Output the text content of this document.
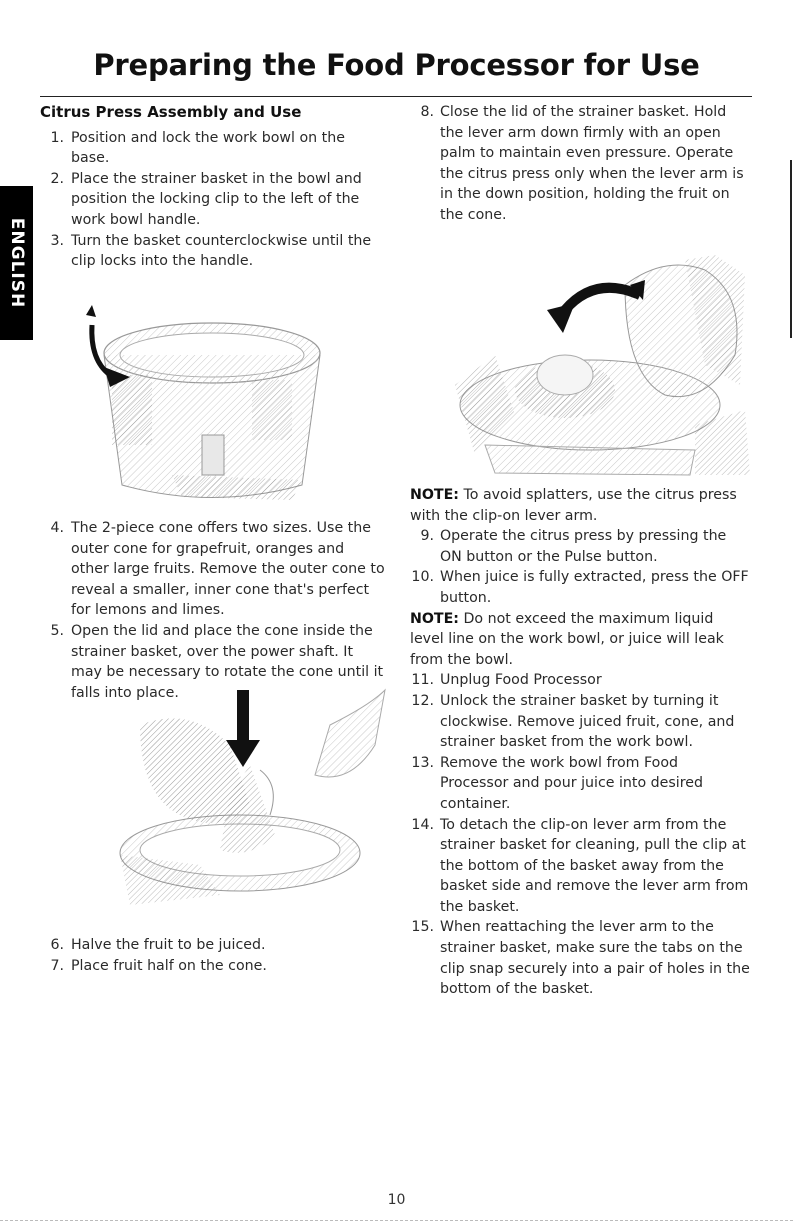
Preparing the Food Processor for Use
ENGLISH

Citrus Press Assembly and Use

1. Position and lock the work bowl on the base.
2. Place the strainer basket in the bowl and position the locking clip to the left of the work bowl handle.
3. Turn the basket counterclockwise until the clip locks into the handle.
4. The 2-piece cone offers two sizes. Use the outer cone for grapefruit, oranges and other large fruits. Remove the outer cone to reveal a smaller, inner cone that's perfect for lemons and limes.
5. Open the lid and place the cone inside the strainer basket, over the power shaft. It may be necessary to rotate the cone until it falls into place.
6. Halve the fruit to be juiced.
7. Place fruit half on the cone.
8. Close the lid of the strainer basket. Hold the lever arm down firmly with an open palm to maintain even pressure. Operate the citrus press only when the lever arm is in the down position, holding the fruit on the cone.

NOTE: To avoid splatters, use the citrus press with the clip-on lever arm.

9. Operate the citrus press by pressing the ON button or the Pulse button.
10. When juice is fully extracted, press the OFF button.

NOTE: Do not exceed the maximum liquid level line on the work bowl, or juice will leak from the bowl.

11. Unplug Food Processor
12. Unlock the strainer basket by turning it clockwise. Remove juiced fruit, cone, and strainer basket from the work bowl.
13. Remove the work bowl from Food Processor and pour juice into desired container.
14. To detach the clip-on lever arm from the strainer basket for cleaning, pull the clip at the bottom of the basket away from the basket side and remove the lever arm from the basket.
15. When reattaching the lever arm to the strainer basket, make sure the tabs on the clip snap securely into a pair of holes in the bottom of the basket.
10
